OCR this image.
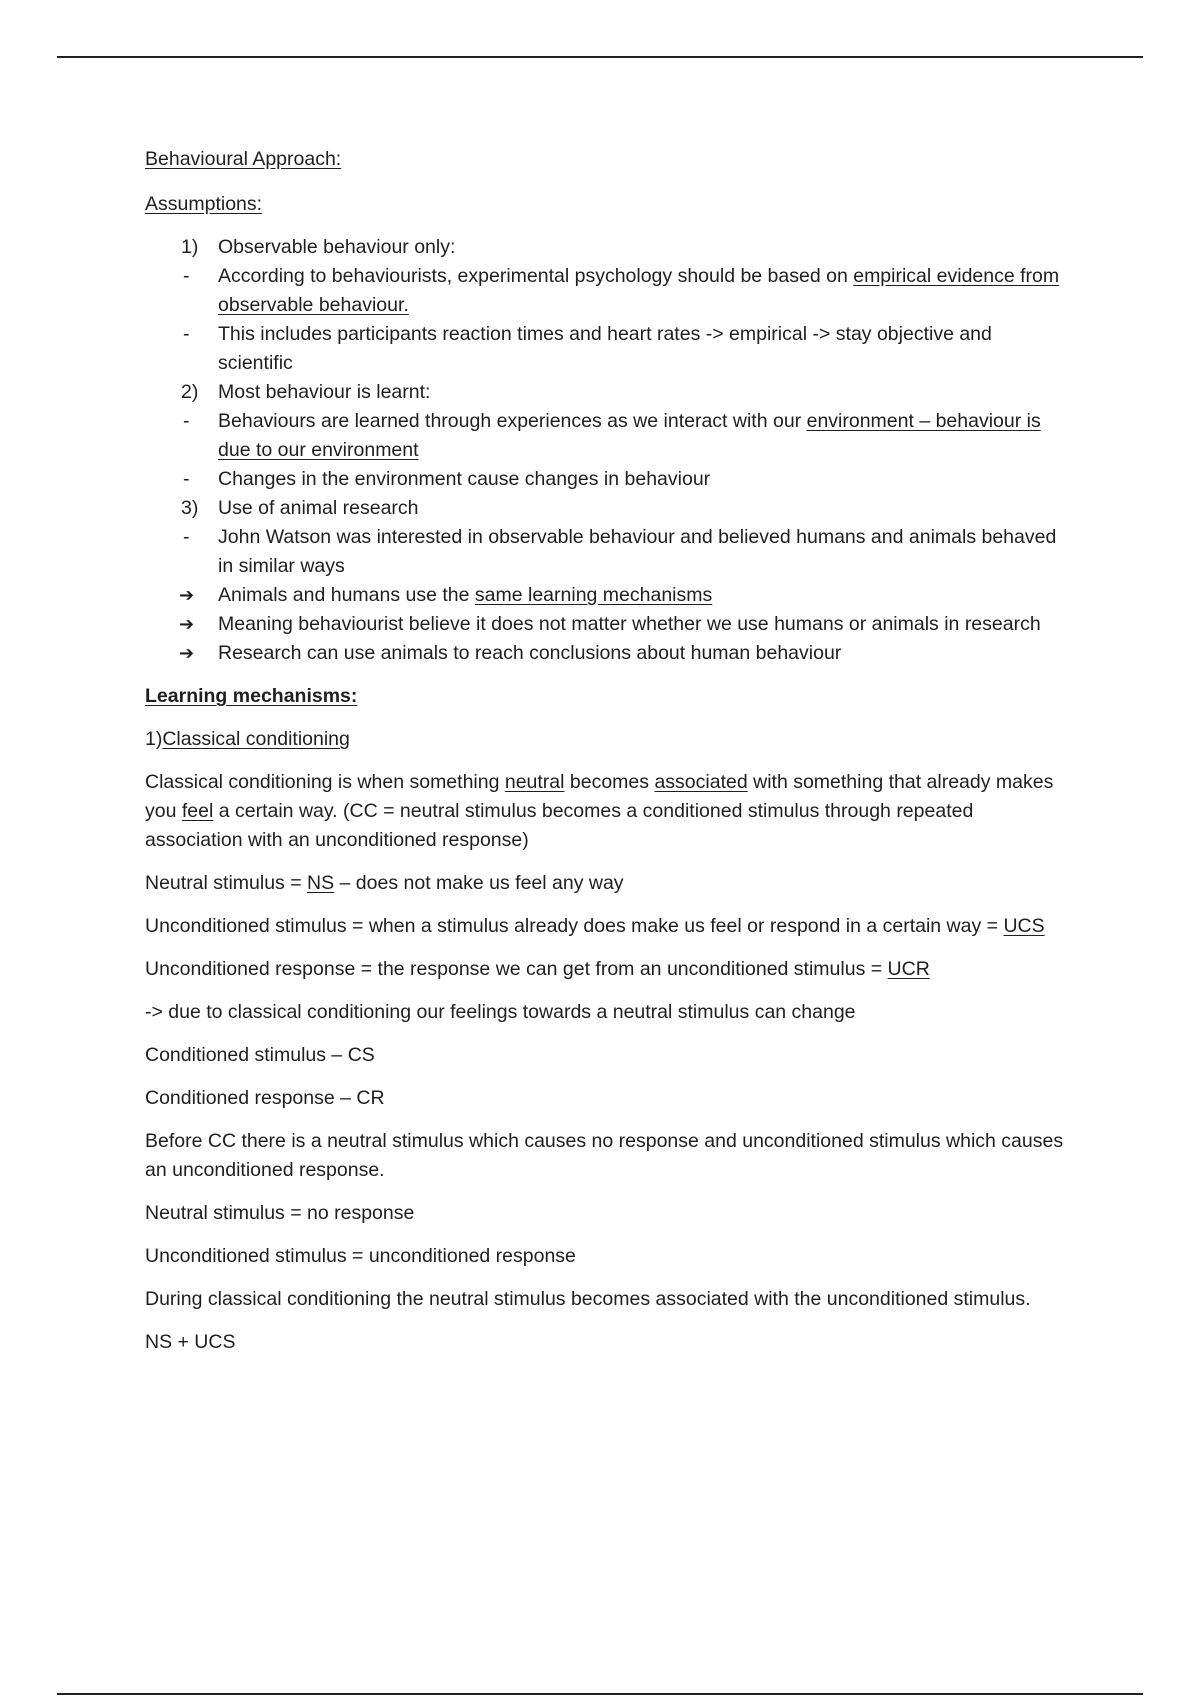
Behavioural Approach:

Assumptions:

1) Observable behaviour only:
- According to behaviourists, experimental psychology should be based on empirical evidence from observable behaviour.
- This includes participants reaction times and heart rates -> empirical -> stay objective and scientific
2) Most behaviour is learnt:
- Behaviours are learned through experiences as we interact with our environment – behaviour is due to our environment
- Changes in the environment cause changes in behaviour
3) Use of animal research
- John Watson was interested in observable behaviour and believed humans and animals behaved in similar ways
➔ Animals and humans use the same learning mechanisms
➔ Meaning behaviourist believe it does not matter whether we use humans or animals in research
➔ Research can use animals to reach conclusions about human behaviour

Learning mechanisms:

1)Classical conditioning

Classical conditioning is when something neutral becomes associated with something that already makes you feel a certain way. (CC = neutral stimulus becomes a conditioned stimulus through repeated association with an unconditioned response)

Neutral stimulus = NS – does not make us feel any way

Unconditioned stimulus = when a stimulus already does make us feel or respond in a certain way = UCS

Unconditioned response = the response we can get from an unconditioned stimulus = UCR

-> due to classical conditioning our feelings towards a neutral stimulus can change

Conditioned stimulus – CS

Conditioned response – CR

Before CC there is a neutral stimulus which causes no response and unconditioned stimulus which causes an unconditioned response.

Neutral stimulus = no response

Unconditioned stimulus = unconditioned response

During classical conditioning the neutral stimulus becomes associated with the unconditioned stimulus.

NS + UCS
